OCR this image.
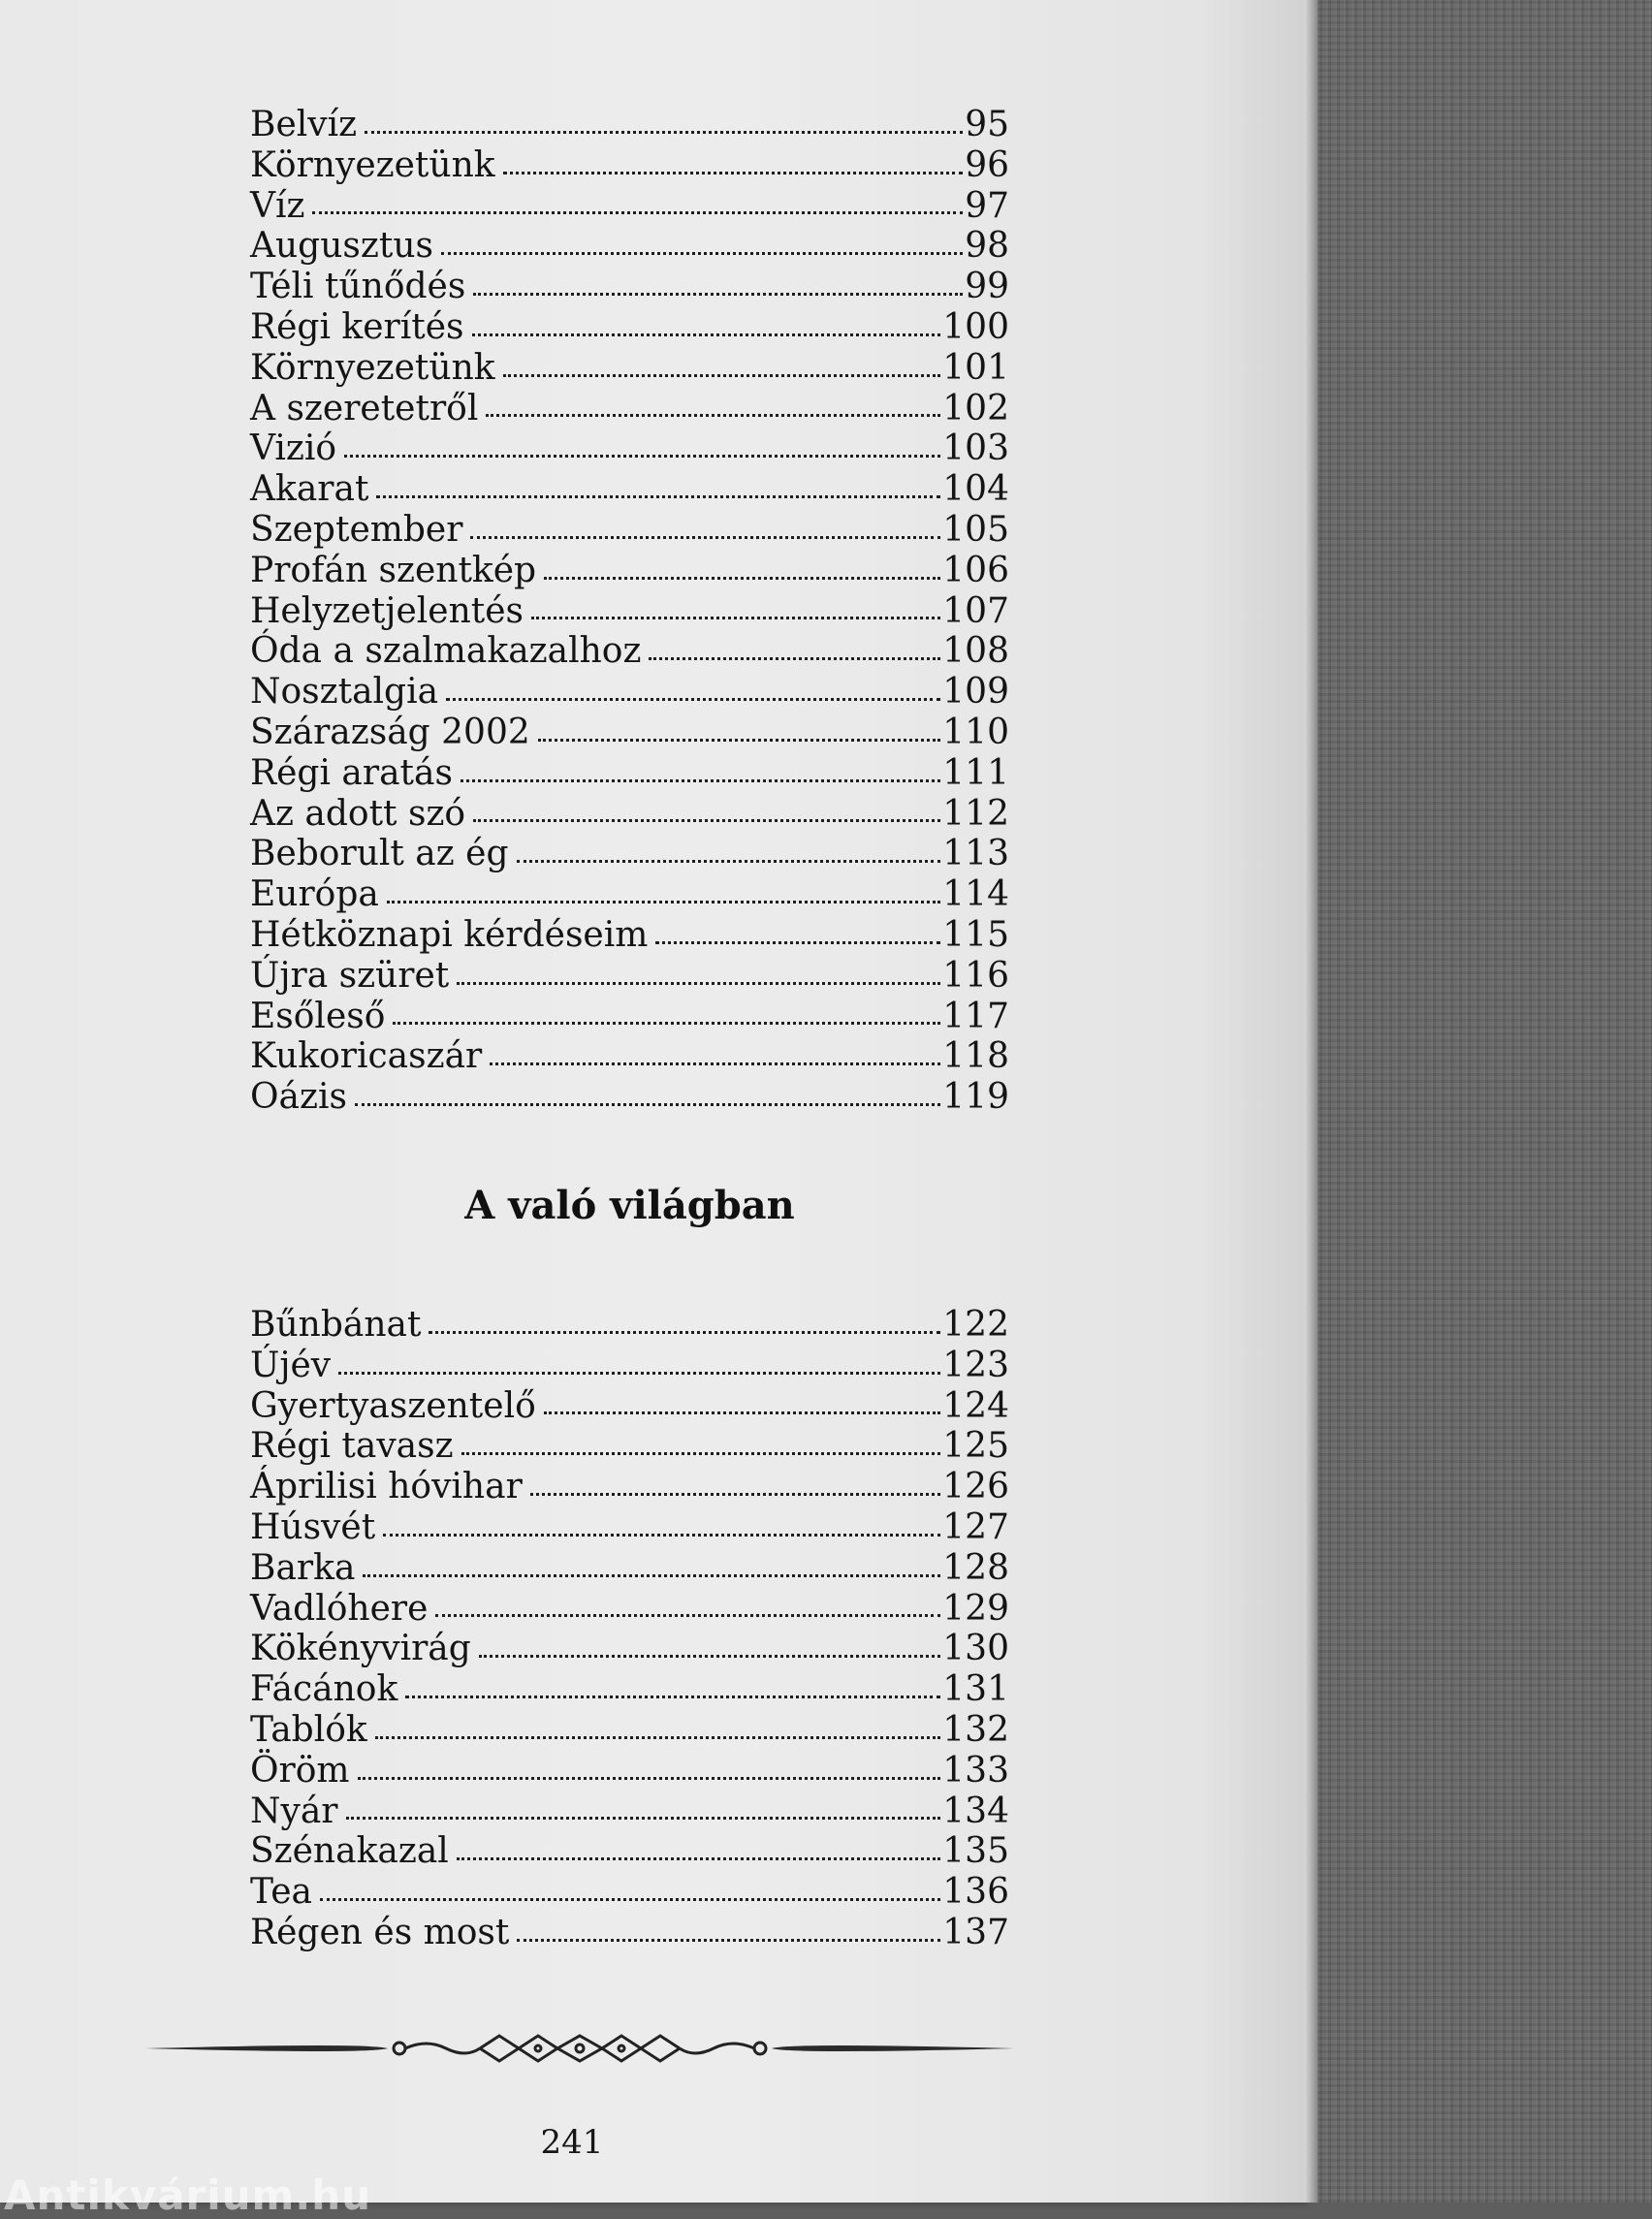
Belvíz	95
Környezetünk	96
Víz	97
Augusztus	98
Téli tűnődés	99
Régi kerítés	100
Környezetünk	101
A szeretetről	102
Vizió	103
Akarat	104
Szeptember	105
Profán szentkép	106
Helyzetjelentés	107
Óda a szalmakazalhoz	108
Nosztalgia	109
Szárazság 2002	110
Régi aratás	111
Az adott szó	112
Beborult az ég	113
Európa	114
Hétköznapi kérdéseim	115
Újra szüret	116
Esőleső	117
Kukoricaszár	118
Oázis	119
A való világban
Bűnbánat	122
Újév	123
Gyertyaszentelő	124
Régi tavasz	125
Áprilisi hóvihar	126
Húsvét	127
Barka	128
Vadlóhere	129
Kökényvirág	130
Fácánok	131
Tablók	132
Öröm	133
Nyár	134
Szénakazal	135
Tea	136
Régen és most	137
241
Antikvárium.hu
